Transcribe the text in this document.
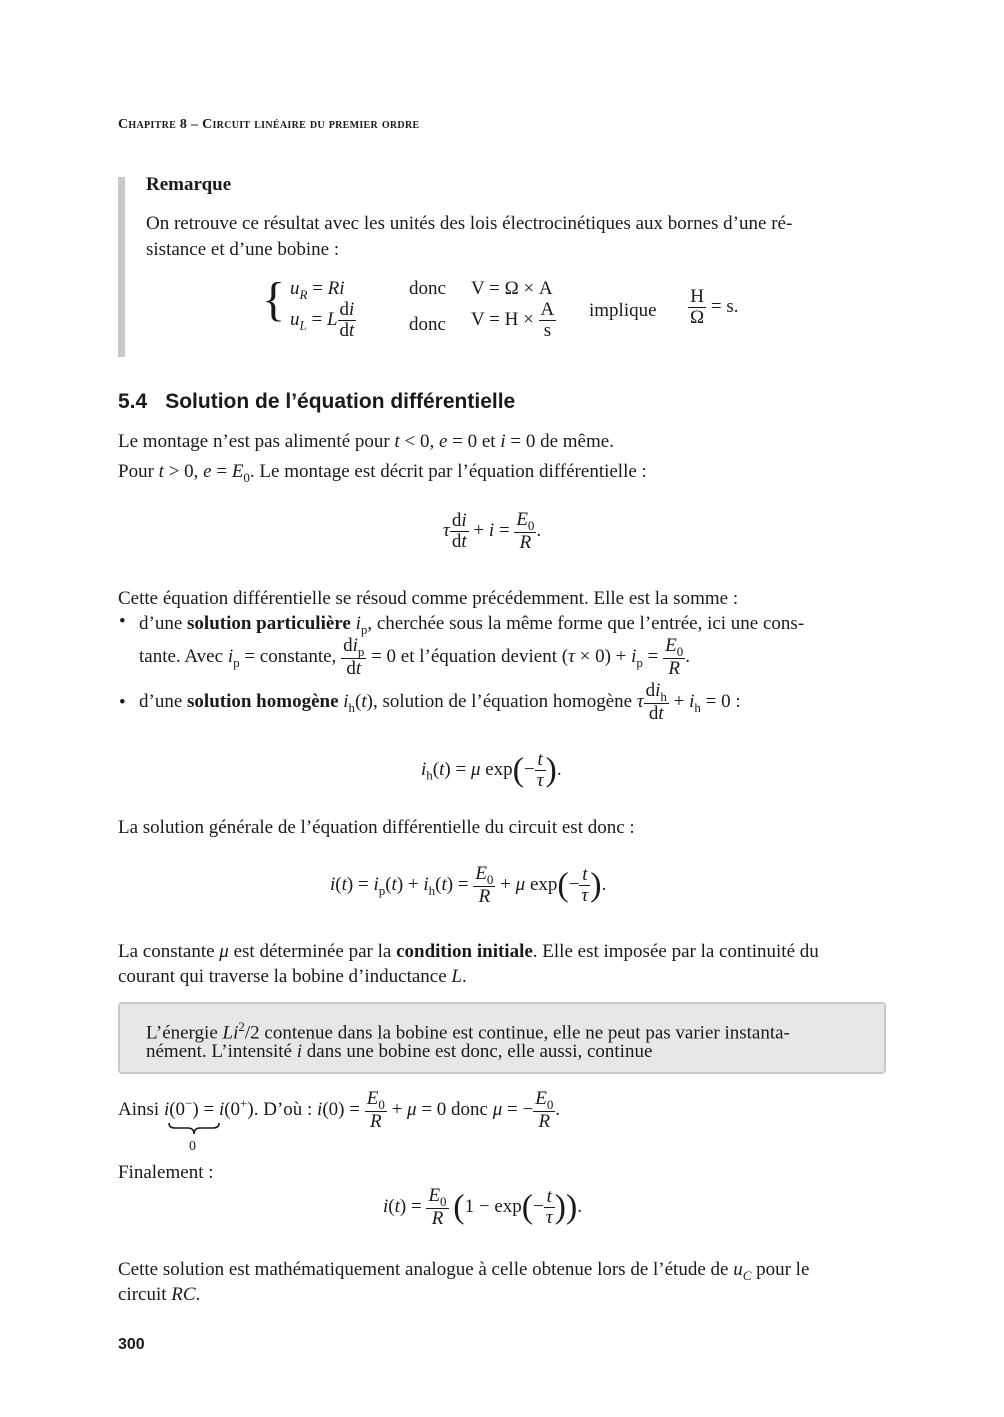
Chapitre 8 – Circuit linéaire du premier ordre
Remarque
On retrouve ce résultat avec les unités des lois électrocinétiques aux bornes d’une ré-
sistance et d’une bobine :
{ $u_R = Ri$	donc V = Ω × A
$u_L = L \frac{di}{dt}$	donc $V = H \times \frac{A}{s}$ implique $\frac{H}{\Omega} = s$.
5.4 Solution de l’équation différentielle
Le montage n’est pas alimenté pour t < 0, e = 0 et i = 0 de même.
Pour t > 0, $e = E_0$. Le montage est décrit par l’équation différentielle :
τ $\frac{di}{dt} + i = \frac{E_0}{R}$ .
Cette équation différentielle se résoud comme précédemment. Elle est la somme :
• d’une solution particulière $i_p$, cherchée sous la même forme que l’entrée, ici une cons-
tante. Avec $i_p$ = constante, $\frac{di_p}{dt} = 0$ et l’équation devient $(\tau \times 0) + i_p = \frac{E_0}{R}$ .
• d’une solution homogène $i_h(t)$, solution de l’équation homogène τ $\frac{di_h}{dt} + i_h = 0$ :
$i_h(t) = \mu$ $\exp(- \frac{t}{\tau}$ ).
La solution générale de l’équation différentielle du circuit est donc :
$i(t) = i_p(t) + i_h(t) = \frac{E_0}{R} + \mu$ $\exp(- \frac{t}{\tau}$ ).
La constante μ est déterminée par la condition initiale. Elle est imposée par la continuité du
courant qui traverse la bobine d’inductance L.
L’énergie Li$^2$/2 contenue dans la bobine est continue, elle ne peut pas varier instanta-
nément. L’intensité i dans une bobine est donc, elle aussi, continue
Ainsi i(0−) = i(0+). D’où : $i(0) = \frac{E_0}{R} + \mu = 0$ donc μ = − $\frac{E_0}{R}$ .
0
Finalement :
$i(t) = \frac{E_0}{R} (1 - \exp(- \frac{t}{\tau}$ )).
Cette solution est mathématiquement analogue à celle obtenue lors de l’étude de $u_C$ pour le
circuit RC.
300
